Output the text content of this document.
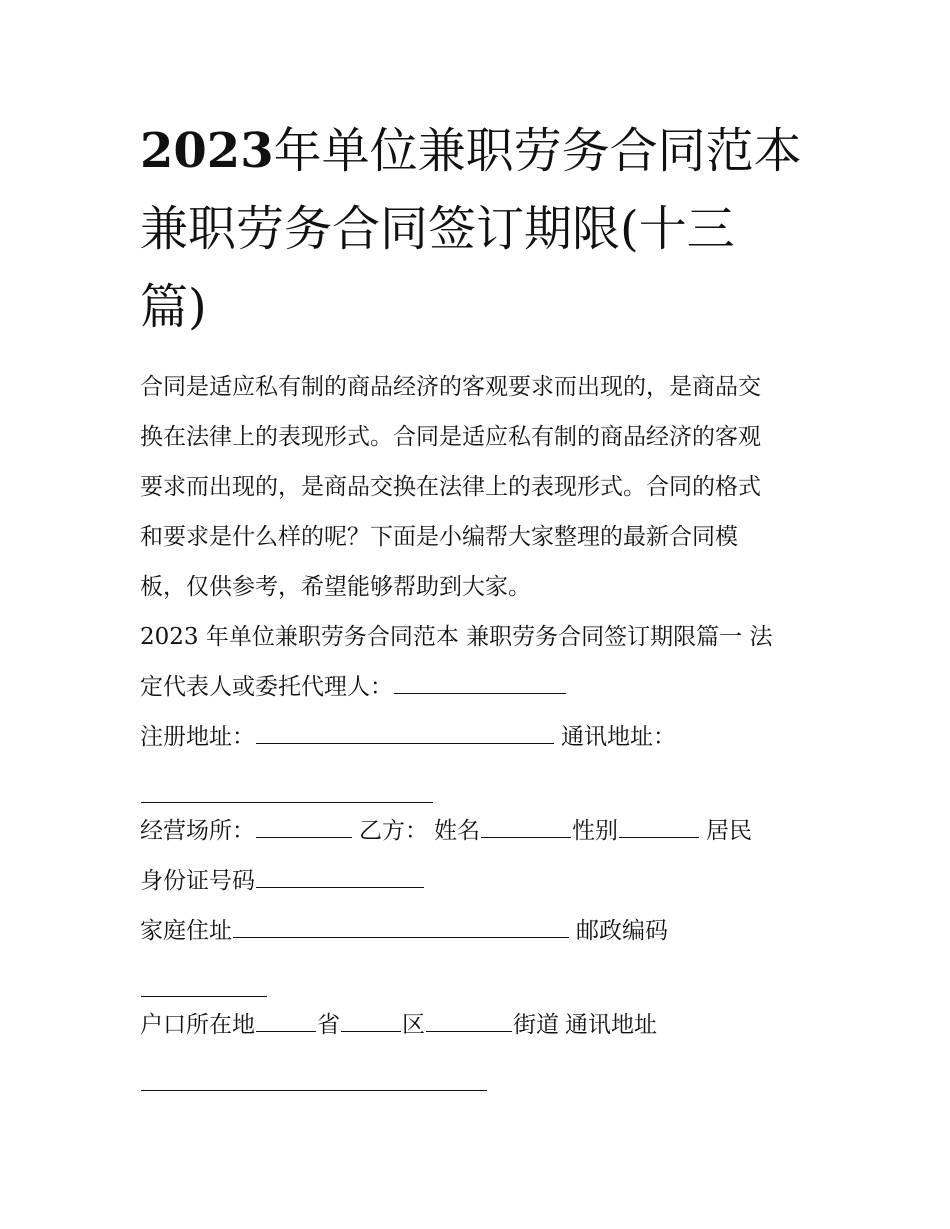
2023年单位兼职劳务合同范本
兼职劳务合同签订期限(十三
篇)

合同是适应私有制的商品经济的客观要求而出现的，是商品交
换在法律上的表现形式。合同是适应私有制的商品经济的客观
要求而出现的，是商品交换在法律上的表现形式。合同的格式
和要求是什么样的呢？下面是小编帮大家整理的最新合同模
板，仅供参考，希望能够帮助到大家。

2023 年单位兼职劳务合同范本 兼职劳务合同签订期限篇一 法
定代表人或委托代理人：

注册地址：	通讯地址：

经营场所：	乙方： 姓名	性别	居民
身份证号码

家庭住址	邮政编码

户口所在地	省	区	街道 通讯地址
